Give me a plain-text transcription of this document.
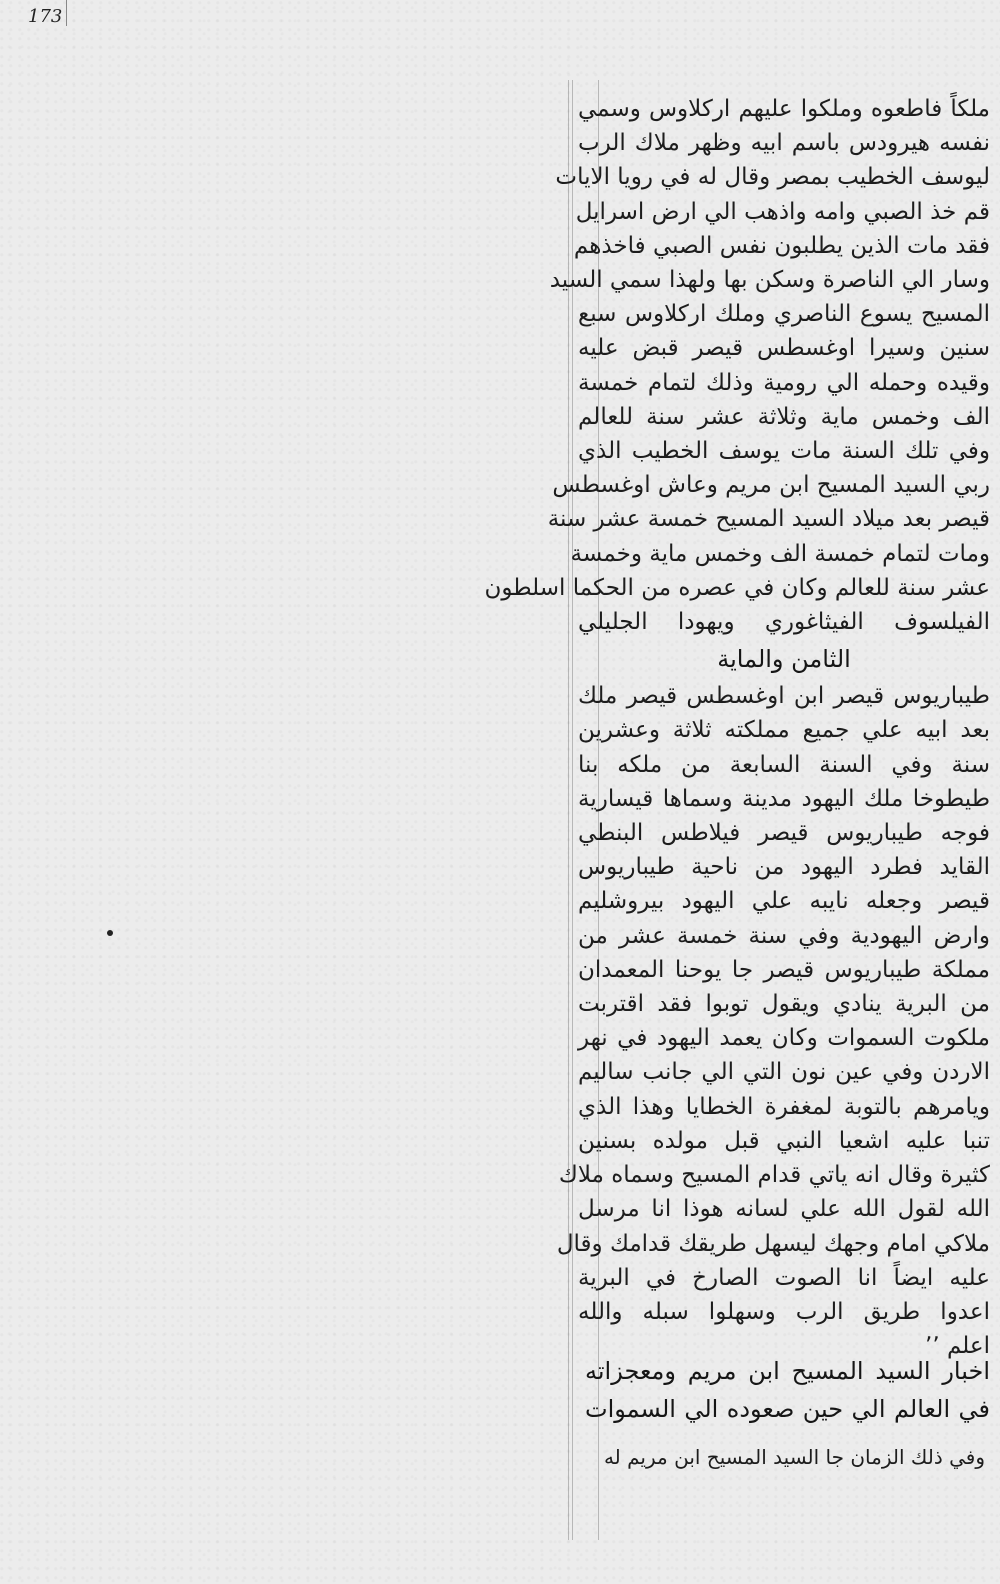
173
ملكاً فاطعوه وملكوا عليهم اركلاوس وسمي
نفسه هيرودس باسم ابيه وظهر ملاك الرب
ليوسف الخطيب بمصر وقال له في رويا الايات
قم خذ الصبي وامه واذهب الي ارض اسرايل
فقد مات الذين يطلبون نفس الصبي فاخذهم
وسار الي الناصرة وسكن بها ولهذا سمي السيد
المسيح يسوع الناصري وملك اركلاوس سبع
سنين وسيرا اوغسطس قيصر قبض عليه
وقيده وحمله الي رومية وذلك لتمام خمسة
الف وخمس ماية وثلاثة عشر سنة للعالم
وفي تلك السنة مات يوسف الخطيب الذي
ربي السيد المسيح ابن مريم وعاش اوغسطس
قيصر بعد ميلاد السيد المسيح خمسة عشر سنة
ومات لتمام خمسة الف وخمس ماية وخمسة
عشر سنة للعالم وكان في عصره من الحكما اسلطون
الفيلسوف الفيثاغوري ويهودا الجليلي
الثامن والماية
طيباريوس قيصر ابن اوغسطس قيصر ملك
بعد ابيه علي جميع مملكته ثلاثة وعشرين
سنة وفي السنة السابعة من ملكه بنا
طيطوخا ملك اليهود مدينة وسماها قيسارية
فوجه طيباريوس قيصر فيلاطس البنطي
القايد فطرد اليهود من ناحية طيباريوس
قيصر وجعله نايبه علي اليهود بيروشليم
وارض اليهودية وفي سنة خمسة عشر من
مملكة طيباريوس قيصر جا يوحنا المعمدان
من البرية ينادي ويقول توبوا فقد اقتربت
ملكوت السموات وكان يعمد اليهود في نهر
الاردن وفي عين نون التي الي جانب ساليم
ويامرهم بالتوبة لمغفرة الخطايا وهذا الذي
تنبا عليه اشعيا النبي قبل مولده بسنين
كثيرة وقال انه ياتي قدام المسيح وسماه ملاك
الله لقول الله علي لسانه هوذا انا مرسل
ملاكي امام وجهك ليسهل طريقك قدامك وقال
عليه ايضاً انا الصوت الصارخ في البرية
اعدوا طريق الرب وسهلوا سبله والله
اعلم ٬٬
اخبار السيد المسيح ابن مريم ومعجزاته
في العالم الي حين صعوده الي السموات
وفي ذلك الزمان جا السيد المسيح ابن مريم له
